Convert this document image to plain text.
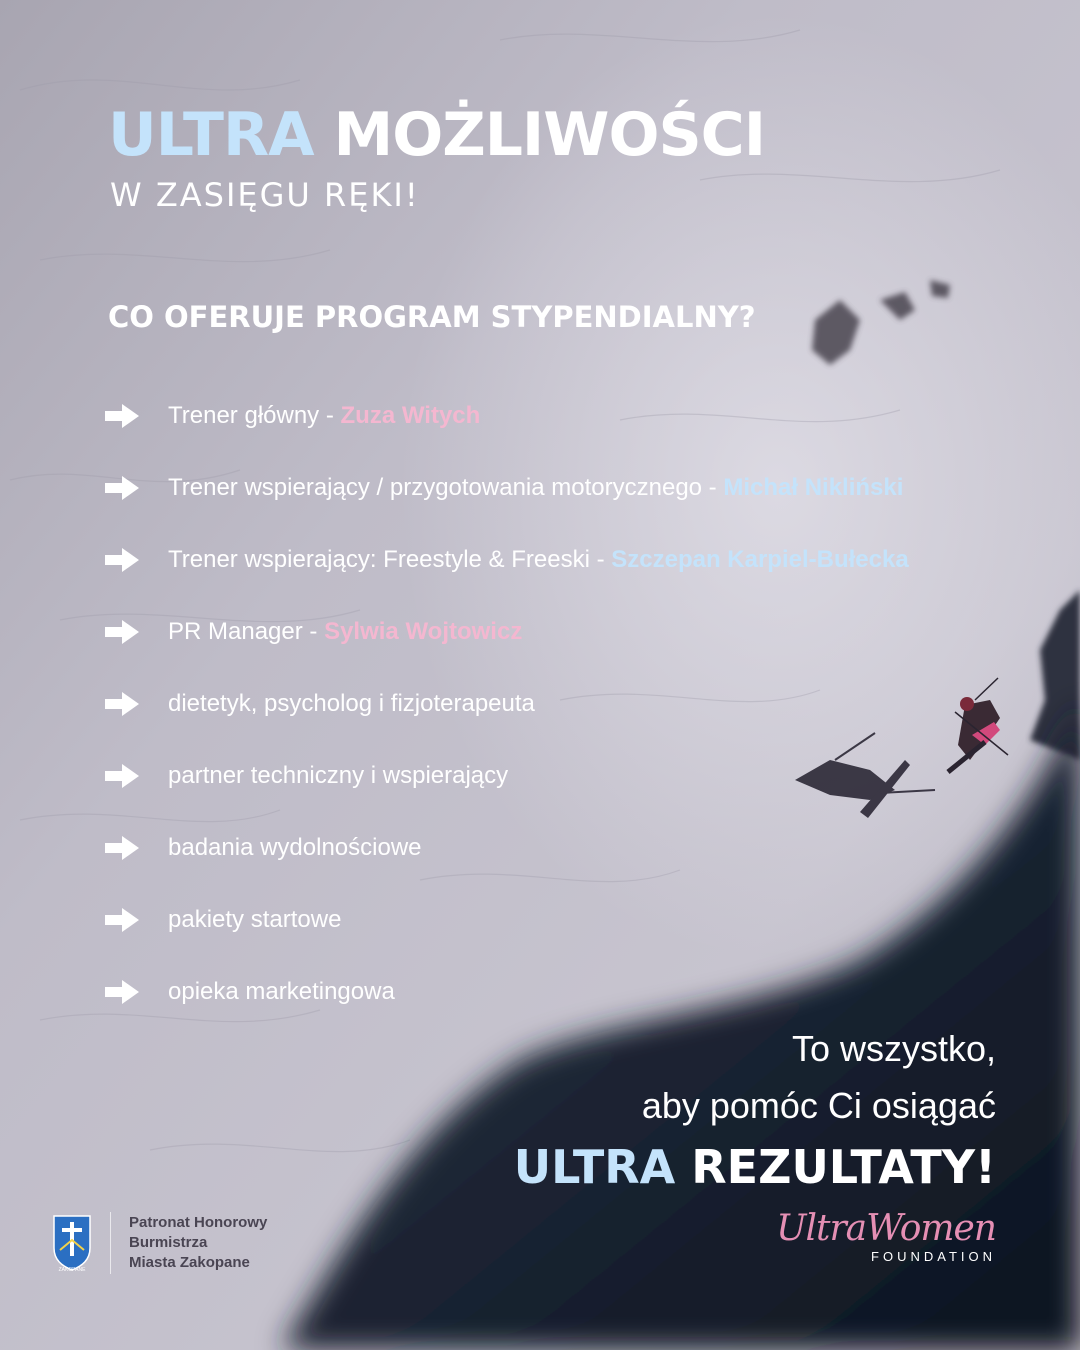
ULTRA MOŻLIWOŚCI
W ZASIĘGU RĘKI!
CO OFERUJE PROGRAM STYPENDIALNY?
Trener główny - Zuza Witych
Trener wspierający / przygotowania motorycznego - Michał Nikliński
Trener wspierający: Freestyle & Freeski - Szczepan Karpiel-Bułecka
PR Manager - Sylwia Wojtowicz
dietetyk, psycholog i fizjoterapeuta
partner techniczny i wspierający
badania wydolnościowe
pakiety startowe
opieka marketingowa
To wszystko,
aby pomóc Ci osiągać
ULTRA REZULTATY!
ZAKOPANE
Patronat Honorowy
Burmistrza
Miasta Zakopane
UltraWomen
FOUNDATION
